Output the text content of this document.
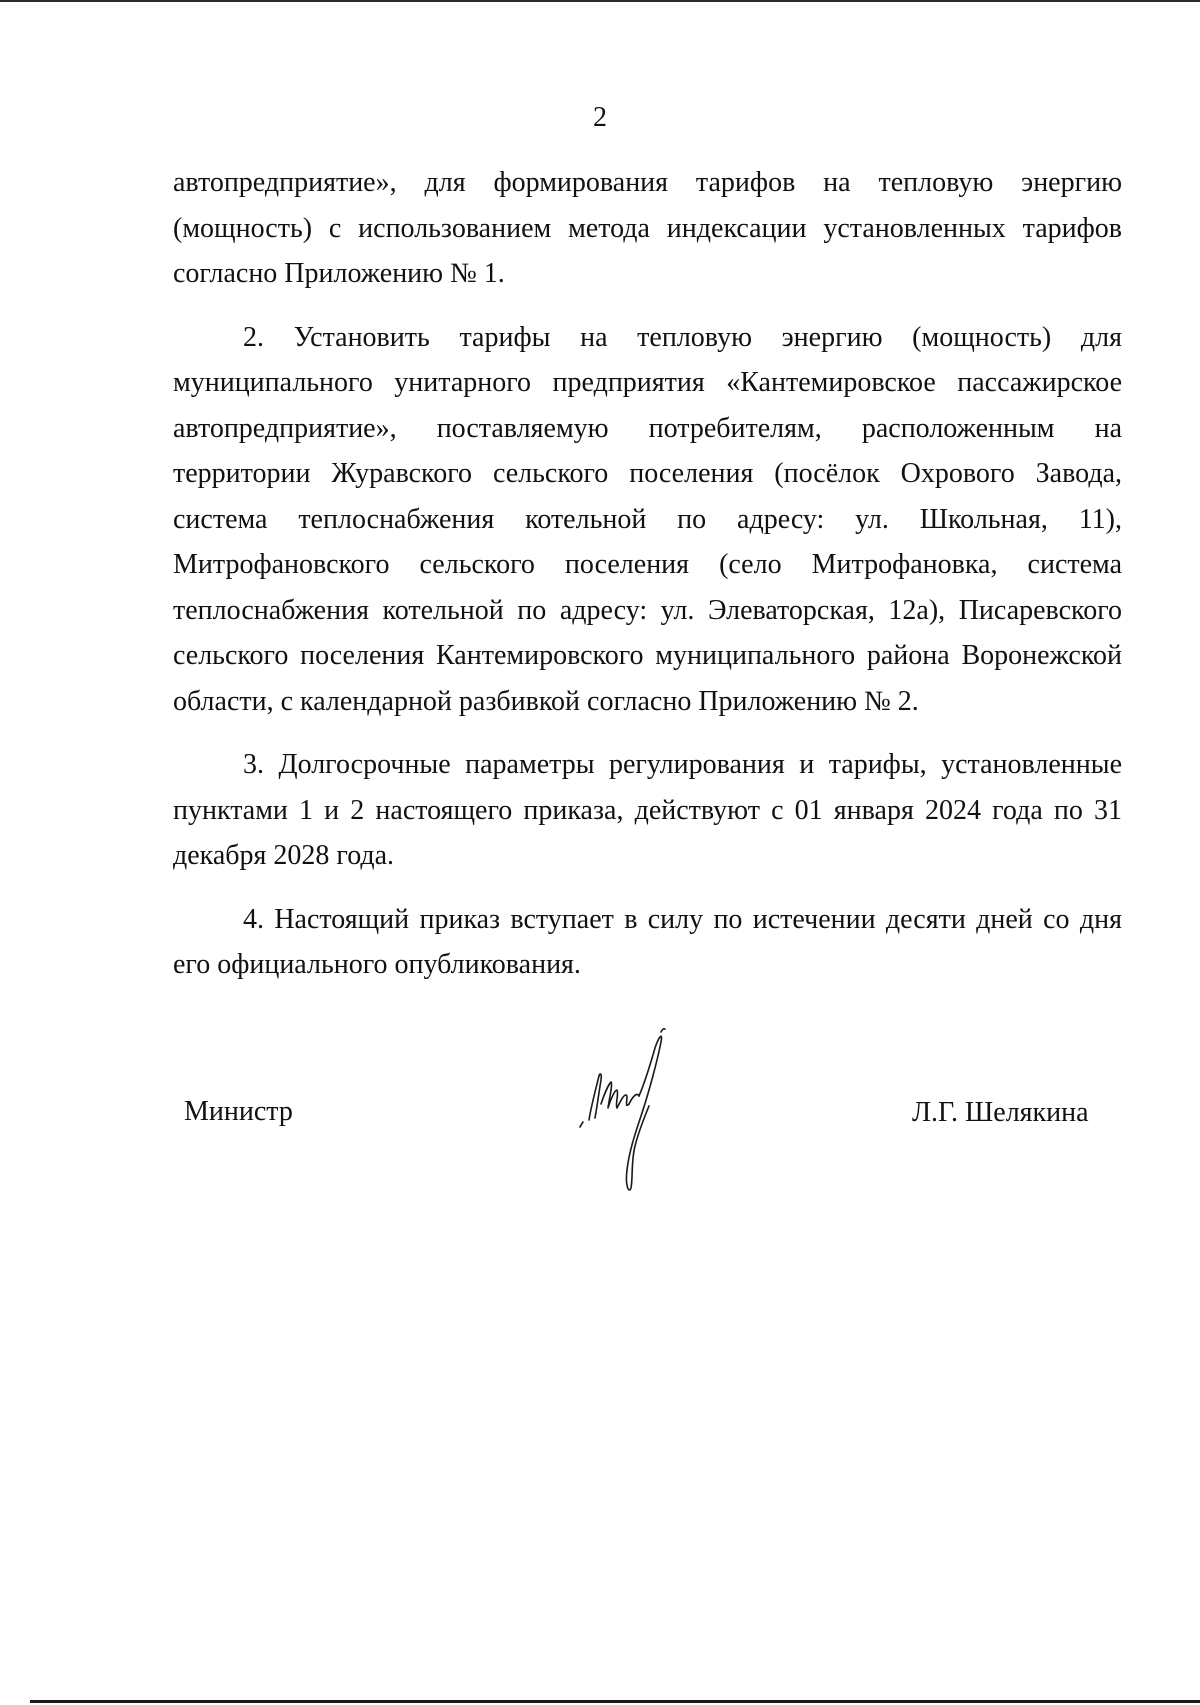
2

автопредприятие», для формирования тарифов на тепловую энергию (мощность) с использованием метода индексации установленных тарифов согласно Приложению № 1.

2. Установить тарифы на тепловую энергию (мощность) для муниципального унитарного предприятия «Кантемировское пассажирское автопредприятие», поставляемую потребителям, расположенным на территории Журавского сельского поселения (посёлок Охрового Завода, система теплоснабжения котельной по адресу: ул. Школьная, 11), Митрофановского сельского поселения (село Митрофановка, система теплоснабжения котельной по адресу: ул. Элеваторская, 12а), Писаревского сельского поселения Кантемировского муниципального района Воронежской области, с календарной разбивкой согласно Приложению № 2.

3. Долгосрочные параметры регулирования и тарифы, установленные пунктами 1 и 2 настоящего приказа, действуют с 01 января 2024 года по 31 декабря 2028 года.

4. Настоящий приказ вступает в силу по истечении десяти дней со дня его официального опубликования.

Министр	Л.Г. Шелякина
